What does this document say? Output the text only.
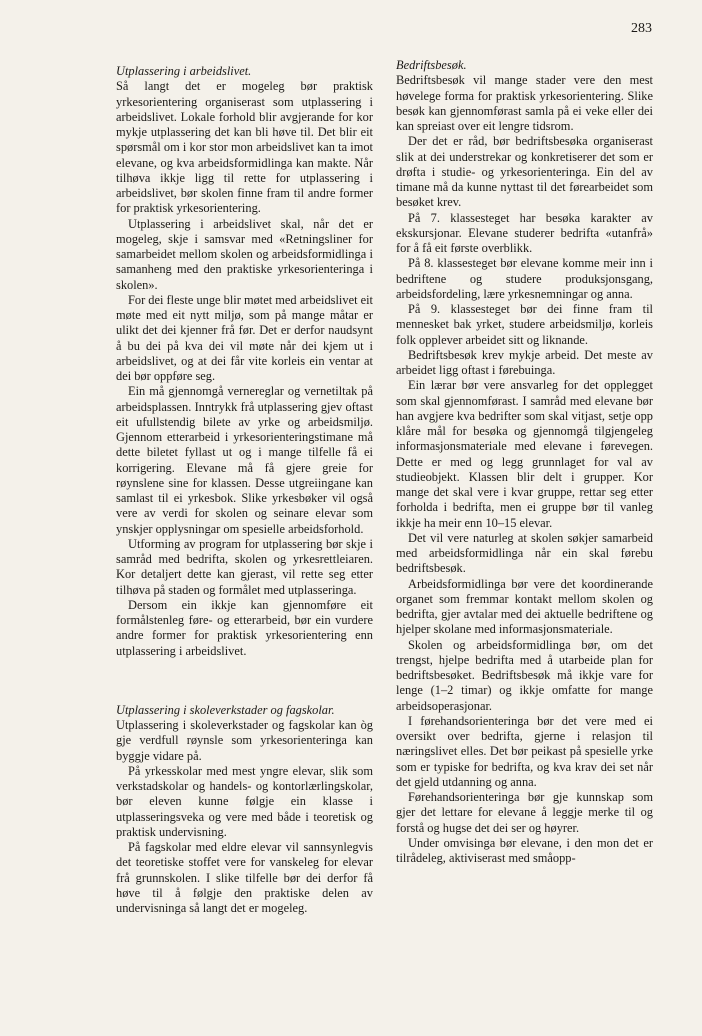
283

Utplassering i arbeidslivet.

Så langt det er mogeleg bør praktisk yrkesorientering organiserast som utplassering i arbeidslivet. Lokale forhold blir avgjerande for kor mykje utplassering det kan bli høve til. Det blir eit spørsmål om i kor stor mon arbeidslivet kan ta imot elevane, og kva arbeidsformidlinga kan makte. Når tilhøva ikkje ligg til rette for utplassering i arbeidslivet, bør skolen finne fram til andre former for praktisk yrkesorientering.

Utplassering i arbeidslivet skal, når det er mogeleg, skje i samsvar med «Retningsliner for samarbeidet mellom skolen og arbeidsformidlinga i samanheng med den praktiske yrkesorienteringa i skolen».

For dei fleste unge blir møtet med arbeidslivet eit møte med eit nytt miljø, som på mange måtar er ulikt det dei kjenner frå før. Det er derfor naudsynt å bu dei på kva dei vil møte når dei kjem ut i arbeidslivet, og at dei får vite korleis ein ventar at dei bør oppføre seg.

Ein må gjennomgå vernereglar og vernetiltak på arbeidsplassen. Inntrykk frå utplassering gjev oftast eit ufullstendig bilete av yrke og arbeidsmiljø. Gjennom etterarbeid i yrkesorienteringstimane må dette biletet fyllast ut og i mange tilfelle få ei korrigering. Elevane må få gjere greie for røynslene sine for klassen. Desse utgreiingane kan samlast til ei yrkesbok. Slike yrkesbøker vil også vere av verdi for skolen og seinare elevar som ynskjer opplysningar om spesielle arbeidsforhold.

Utforming av program for utplassering bør skje i samråd med bedrifta, skolen og yrkesrettleiaren. Kor detaljert dette kan gjerast, vil rette seg etter tilhøva på staden og formålet med utplasseringa.

Dersom ein ikkje kan gjennomføre eit formålstenleg føre- og etterarbeid, bør ein vurdere andre former for praktisk yrkesorientering enn utplassering i arbeidslivet.

Utplassering i skoleverkstader og fagskolar.

Utplassering i skoleverkstader og fagskolar kan òg gje verdfull røynsle som yrkesorienteringa kan byggje vidare på.

På yrkesskolar med mest yngre elevar, slik som verkstadskolar og handels- og kontorlærlingskolar, bør eleven kunne følgje ein klasse i utplasseringsveka og vere med både i teoretisk og praktisk undervisning.

På fagskolar med eldre elevar vil sannsynlegvis det teoretiske stoffet vere for vanskeleg for elevar frå grunnskolen. I slike tilfelle bør dei derfor få høve til å følgje den praktiske delen av undervisninga så langt det er mogeleg.

Bedriftsbesøk.

Bedriftsbesøk vil mange stader vere den mest høvelege forma for praktisk yrkesorientering. Slike besøk kan gjennomførast samla på ei veke eller dei kan spreiast over eit lengre tidsrom.

Der det er råd, bør bedriftsbesøka organiserast slik at dei understrekar og konkretiserer det som er drøfta i studie- og yrkesorienteringa. Ein del av timane må da kunne nyttast til det førearbeidet som besøket krev.

På 7. klassesteget har besøka karakter av ekskursjonar. Elevane studerer bedrifta «utanfrå» for å få eit første overblikk.

På 8. klassesteget bør elevane komme meir inn i bedriftene og studere produksjonsgang, arbeidsfordeling, lære yrkesnemningar og anna.

På 9. klassesteget bør dei finne fram til mennesket bak yrket, studere arbeidsmiljø, korleis folk opplever arbeidet sitt og liknande.

Bedriftsbesøk krev mykje arbeid. Det meste av arbeidet ligg oftast i førebuinga.

Ein lærar bør vere ansvarleg for det opplegget som skal gjennomførast. I samråd med elevane bør han avgjere kva bedrifter som skal vitjast, setje opp klåre mål for besøka og gjennomgå tilgjengeleg informasjonsmateriale med elevane i førevegen. Dette er med og legg grunnlaget for val av studieobjekt. Klassen blir delt i grupper. Kor mange det skal vere i kvar gruppe, rettar seg etter forholda i bedrifta, men ei gruppe bør til vanleg ikkje ha meir enn 10–15 elevar.

Det vil vere naturleg at skolen søkjer samarbeid med arbeidsformidlinga når ein skal førebu bedriftsbesøk.

Arbeidsformidlinga bør vere det koordinerande organet som fremmar kontakt mellom skolen og bedrifta, gjer avtalar med dei aktuelle bedriftene og hjelper skolane med informasjonsmateriale.

Skolen og arbeidsformidlinga bør, om det trengst, hjelpe bedrifta med å utarbeide plan for bedriftsbesøket. Bedriftsbesøk må ikkje vare for lenge (1–2 timar) og ikkje omfatte for mange arbeidsoperasjonar.

I førehandsorienteringa bør det vere med ei oversikt over bedrifta, gjerne i relasjon til næringslivet elles. Det bør peikast på spesielle yrke som er typiske for bedrifta, og kva krav dei set når det gjeld utdanning og anna.

Førehandsorienteringa bør gje kunnskap som gjer det lettare for elevane å leggje merke til og forstå og hugse det dei ser og høyrer.

Under omvisinga bør elevane, i den mon det er tilrådeleg, aktiviserast med småopp-
